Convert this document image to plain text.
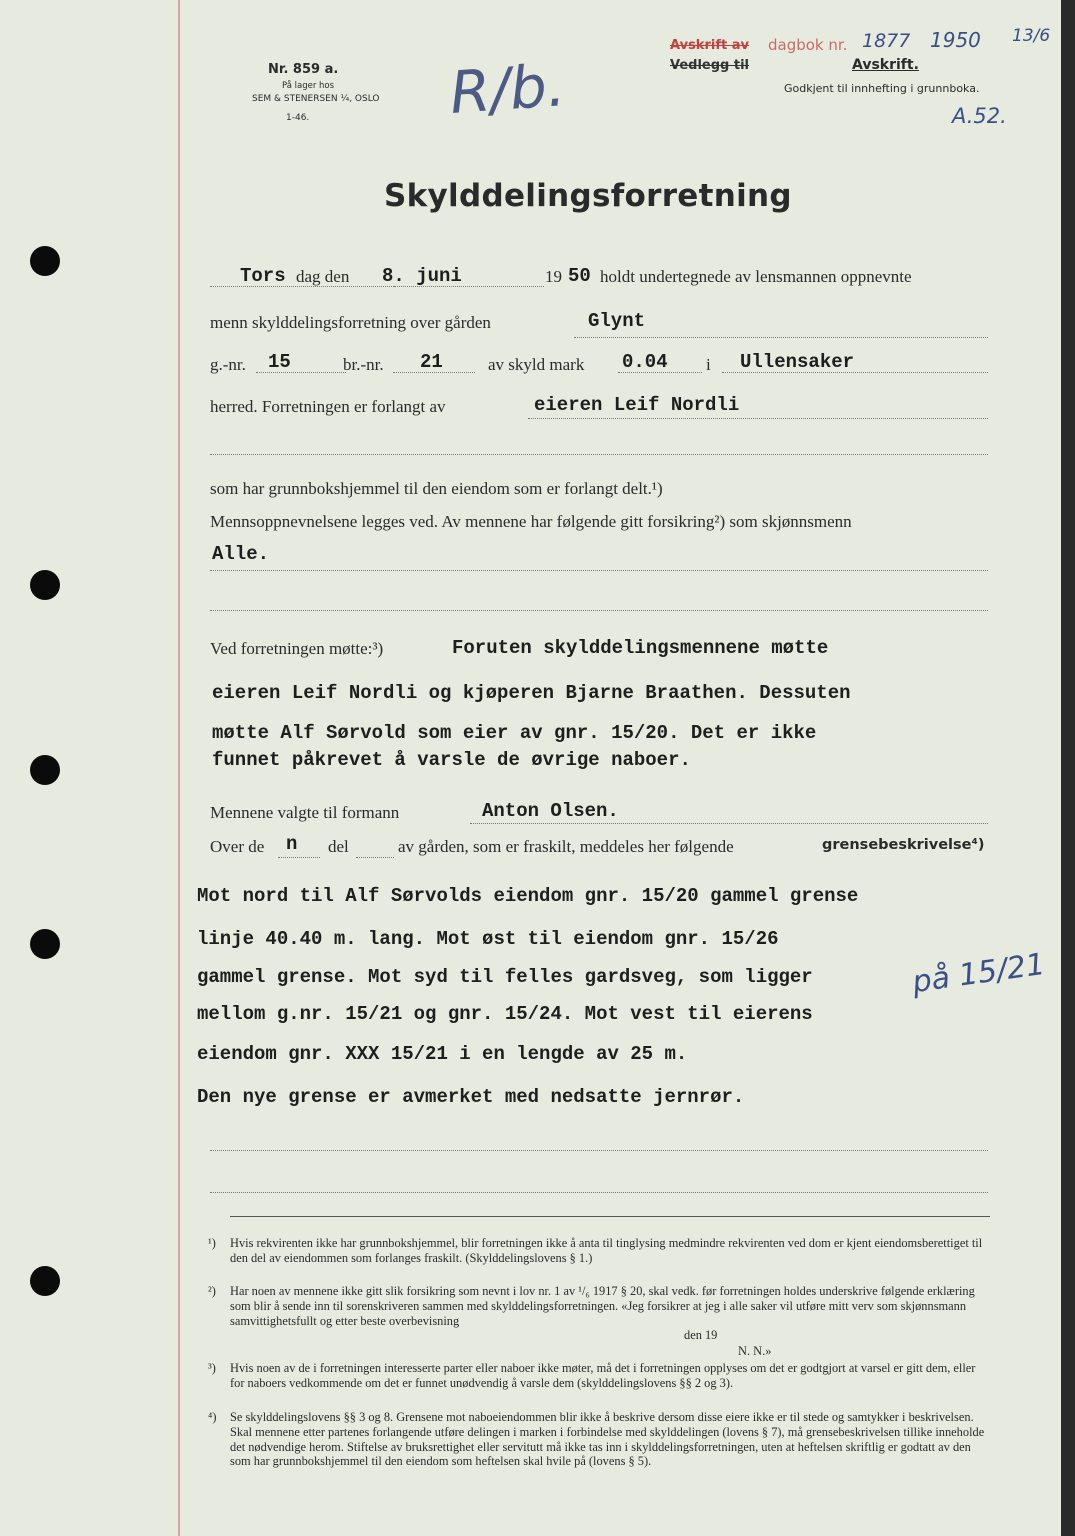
Nr. 859 a.
På lager hos
SEM & STENERSEN ¼, OSLO
1-46. R/b.
Avskrift av
Vedlegg til
dagbok nr. 1877 1950 13/6
Avskrift.
Godkjent til innhefting i grunnboka.
A.52.
Skylddelingsforretning
Tors dag den 8. juni	19 50 holdt undertegnede av lensmannen oppnevnte
menn skylddelingsforretning over gården	Glynt
g.-nr. 15	br.-nr. 21	av skyld mark 0.04 i Ullensaker
herred. Forretningen er forlangt av	eieren Leif Nordli
som har grunnbokshjemmel til den eiendom som er forlangt delt.¹)
Mennsoppnevnelsene legges ved. Av mennene har følgende gitt forsikring²) som skjønnsmenn
Alle.
Ved forretningen møtte:³)	Foruten skylddelingsmennene møtte
eieren Leif Nordli og kjøperen Bjarne Braathen. Dessuten
møtte Alf Sørvold som eier av gnr. 15/20. Det er ikke
funnet påkrevet å varsle de øvrige naboer.
Mennene valgte til formann	Anton Olsen.
Over de n del	av gården, som er fraskilt, meddeles her følgende	grensebeskrivelse⁴)
Mot nord til Alf Sørvolds eiendom gnr. 15/20 gammel grense
linje 40.40 m. lang. Mot øst til eiendom gnr. 15/26
gammel grense. Mot syd til felles gardsveg, som ligger
mellom g.nr. 15/21 og gnr. 15/24. Mot vest til eierens
eiendom gnr. XXX 15/21 i en lengde av 25 m.
Den nye grense er avmerket med nedsatte jernrør.
på 15/21
¹) Hvis rekvirenten ikke har grunnbokshjemmel, blir forretningen ikke å anta til tinglysing medmindre rekvirenten ved dom er kjent eiendomsberettiget til den del av eiendommen som forlanges fraskilt. (Skylddelingslovens § 1.)
²) Har noen av mennene ikke gitt slik forsikring som nevnt i lov nr. 1 av ¹/₆ 1917 § 20, skal vedk. før forretningen holdes underskrive følgende erklæring som blir å sende inn til sorenskriveren sammen med skylddelingsforretningen. «Jeg forsikrer at jeg i alle saker vil utføre mitt verv som skjønnsmann samvittighetsfullt og etter beste overbevisning
den 19
N. N.»
³) Hvis noen av de i forretningen interesserte parter eller naboer ikke møter, må det i forretningen opplyses om det er godtgjort at varsel er gitt dem, eller for naboers vedkommende om det er funnet unødvendig å varsle dem (skylddelingslovens §§ 2 og 3).
⁴) Se skylddelingslovens §§ 3 og 8. Grensene mot naboeiendommen blir ikke å beskrive dersom disse eiere ikke er til stede og samtykker i beskrivelsen. Skal mennene etter partenes forlangende utføre delingen i marken i forbindelse med skylddelingen (lovens § 7), må grensebeskrivelsen tillike inneholde det nødvendige herom. Stiftelse av bruksrettighet eller servitutt må ikke tas inn i skylddelingsforretningen, uten at heftelsen skriftlig er godtatt av den som har grunnbokshjemmel til den eiendom som heftelsen skal hvile på (lovens § 5).
